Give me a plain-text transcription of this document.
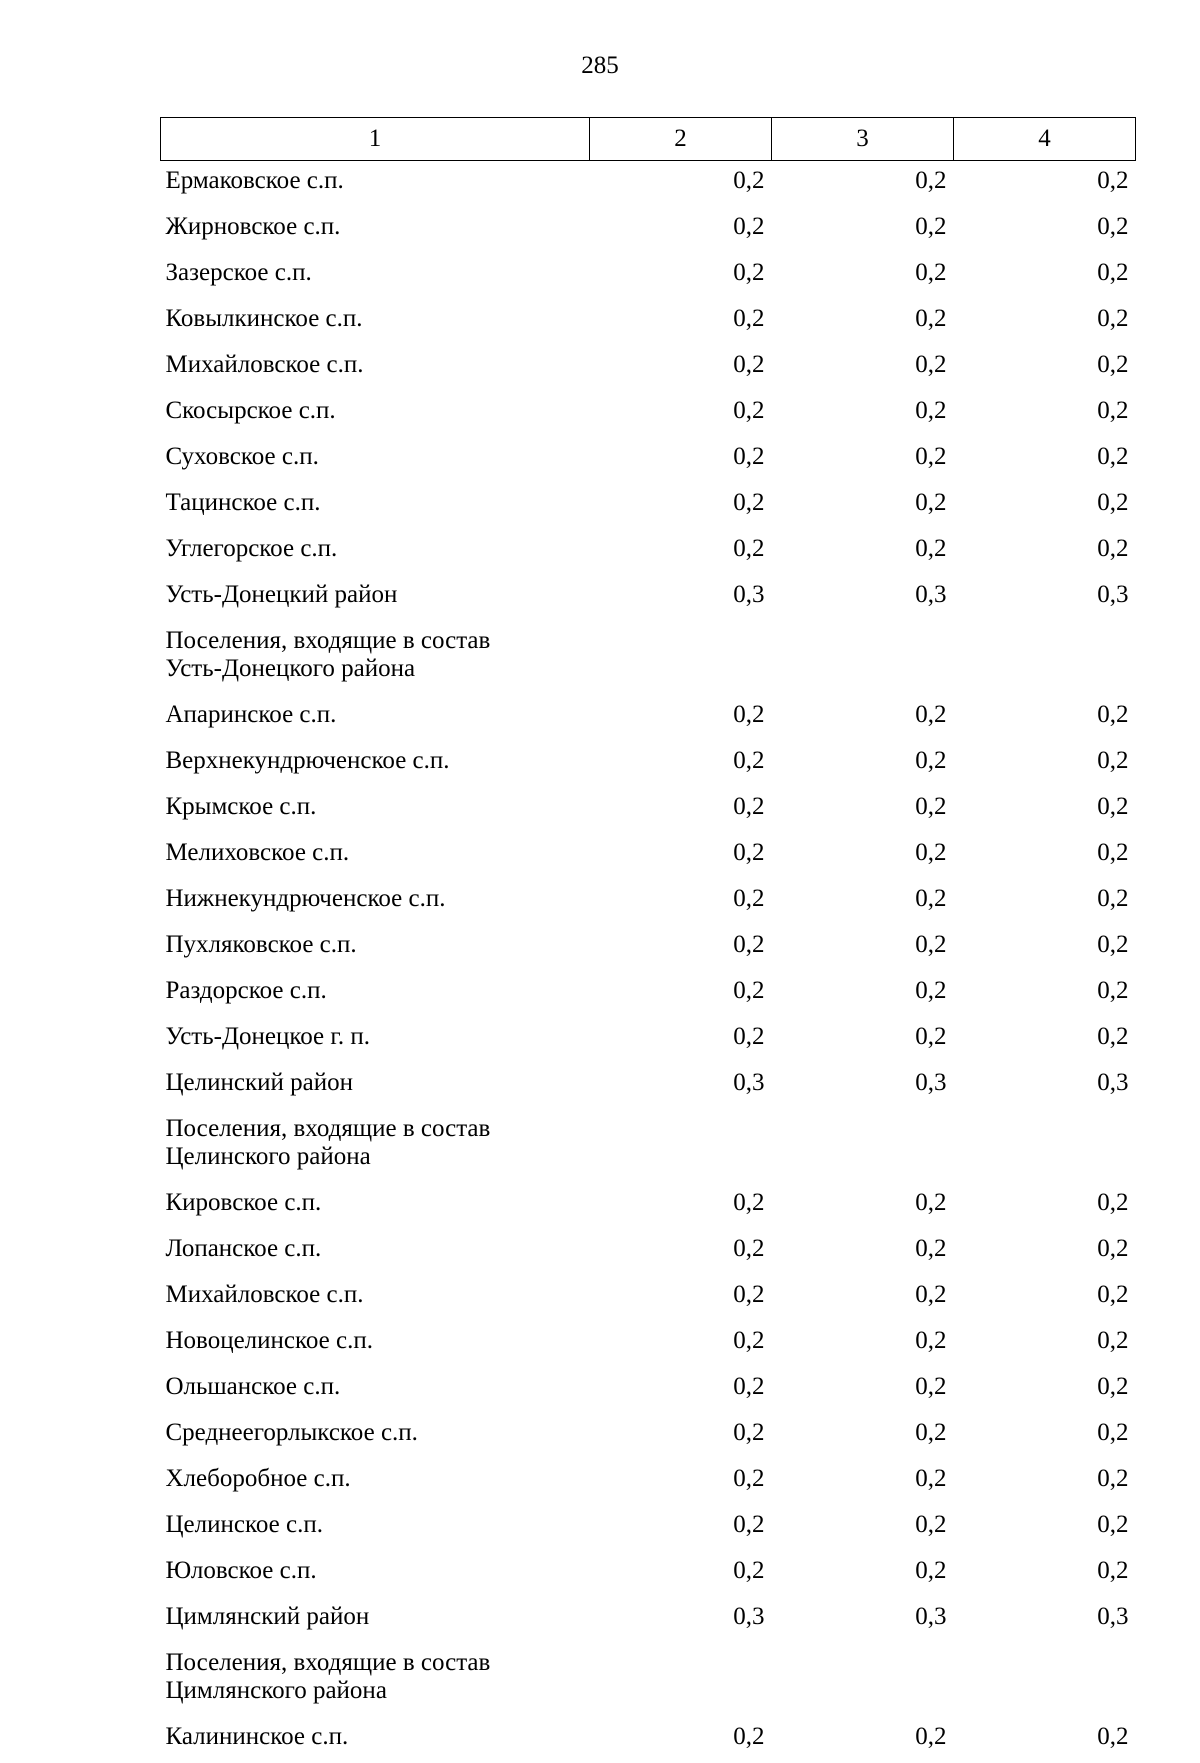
285
1	2	3	4

Ермаковское с.п.	0,2	0,2	0,2

Жирновское с.п.	0,2	0,2	0,2

Зазерское с.п.	0,2	0,2	0,2

Ковылкинское с.п.	0,2	0,2	0,2

Михайловское с.п.	0,2	0,2	0,2

Скосырское с.п.	0,2	0,2	0,2

Суховское с.п.	0,2	0,2	0,2

Тацинское с.п.	0,2	0,2	0,2

Углегорское с.п.	0,2	0,2	0,2

Усть-Донецкий район	0,3	0,3	0,3

Поселения, входящие в состав
Усть-Донецкого района			

Апаринское с.п.	0,2	0,2	0,2

Верхнекундрюченское с.п.	0,2	0,2	0,2

Крымское с.п.	0,2	0,2	0,2

Мелиховское с.п.	0,2	0,2	0,2

Нижнекундрюченское с.п.	0,2	0,2	0,2

Пухляковское с.п.	0,2	0,2	0,2

Раздорское с.п.	0,2	0,2	0,2

Усть-Донецкое г. п.	0,2	0,2	0,2

Целинский район	0,3	0,3	0,3

Поселения, входящие в состав
Целинского района			

Кировское с.п.	0,2	0,2	0,2

Лопанское с.п.	0,2	0,2	0,2

Михайловское с.п.	0,2	0,2	0,2

Новоцелинское с.п.	0,2	0,2	0,2

Ольшанское с.п.	0,2	0,2	0,2

Среднеегорлыкское с.п.	0,2	0,2	0,2

Хлеборобное с.п.	0,2	0,2	0,2

Целинское с.п.	0,2	0,2	0,2

Юловское с.п.	0,2	0,2	0,2

Цимлянский район	0,3	0,3	0,3

Поселения, входящие в состав
Цимлянского района			

Калининское с.п.	0,2	0,2	0,2
